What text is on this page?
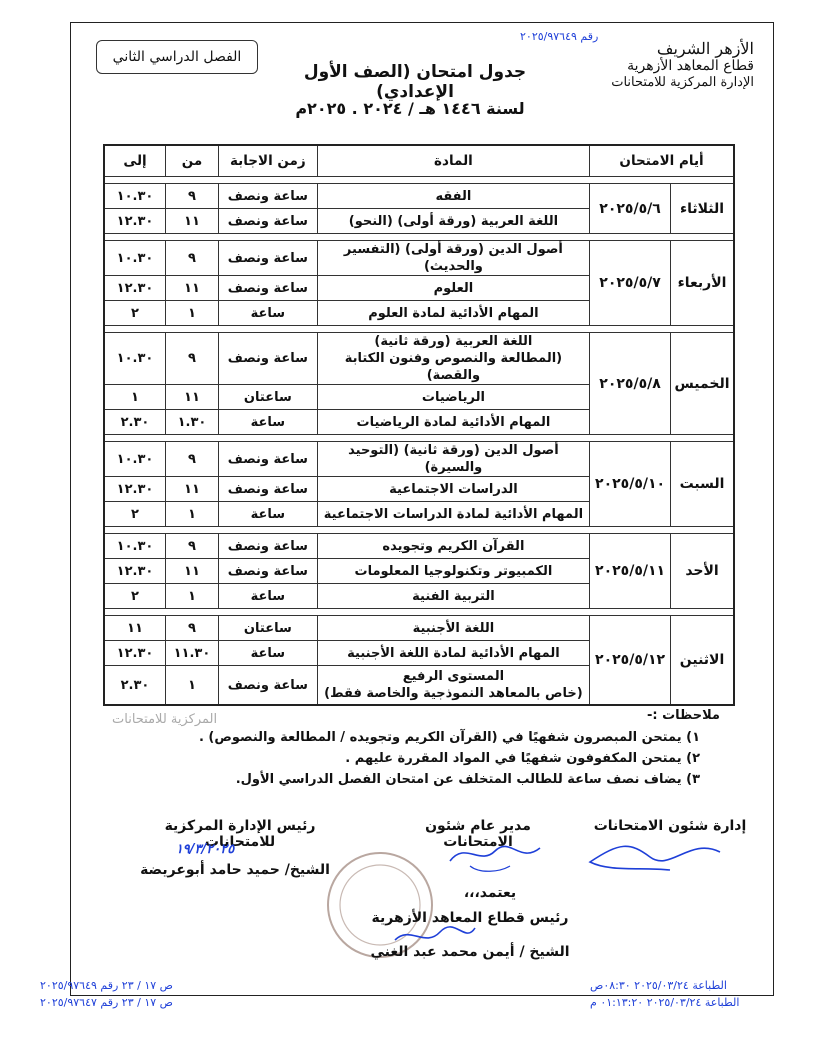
رقم ٢٠٢٥/٩٧٦٤٩
الأزهر الشريف
قطاع المعاهد الأزهرية
الإدارة المركزية للامتحانات
الفصل الدراسي الثاني
جدول امتحان (الصف الأول الإعدادي)
لسنة ١٤٤٦ هـ / ٢٠٢٤ . ٢٠٢٥م
أيام الامتحان		المادة	زمن الاجابة	من	إلى

الثلاثاء	٢٠٢٥/٥/٦	الفقه	ساعة ونصف	٩	١٠.٣٠

		اللغة العربية (ورقة أولى) (النحو)	ساعة ونصف	١١	١٢.٣٠

الأربعاء	٢٠٢٥/٥/٧	أصول الدين (ورقة أولى) (التفسير والحديث)	ساعة ونصف	٩	١٠.٣٠

		العلوم	ساعة ونصف	١١	١٢.٣٠

		المهام الأدائية لمادة العلوم	ساعة	١	٢

الخميس	٢٠٢٥/٥/٨	اللغة العربية (ورقة ثانية)
(المطالعة والنصوص وفنون الكتابة والقصة)	ساعة ونصف	٩	١٠.٣٠

		الرياضيات	ساعتان	١١	١

		المهام الأدائية لمادة الرياضيات	ساعة	١.٣٠	٢.٣٠

السبت	٢٠٢٥/٥/١٠	أصول الدين (ورقة ثانية) (التوحيد والسيرة)	ساعة ونصف	٩	١٠.٣٠

		الدراسات الاجتماعية	ساعة ونصف	١١	١٢.٣٠

		المهام الأدائية لمادة الدراسات الاجتماعية	ساعة	١	٢

الأحد	٢٠٢٥/٥/١١	القرآن الكريم وتجويده	ساعة ونصف	٩	١٠.٣٠

		الكمبيوتر وتكنولوجيا المعلومات	ساعة ونصف	١١	١٢.٣٠

		التربية الفنية	ساعة	١	٢

الاثنين	٢٠٢٥/٥/١٢	اللغة الأجنبية	ساعتان	٩	١١

		المهام الأدائية لمادة اللغة الأجنبية	ساعة	١١.٣٠	١٢.٣٠

		المستوى الرفيع
(خاص بالمعاهد النموذجية والخاصة فقط)	ساعة ونصف	١	٢.٣٠
المركزية للامتحانات	ملاحظات :-
١) يمتحن المبصرون شفهيًا في (القرآن الكريم وتجويده / المطالعة والنصوص) .
٢) يمتحن المكفوفون شفهيًا في المواد المقررة عليهم .
٣) يضاف نصف ساعة للطالب المتخلف عن امتحان الفصل الدراسي الأول.
رئيس الإدارة المركزية للامتحانات
١٩/٣/٢٠٢٥
الشيخ/ حميد حامد أبوعريضة
مدير عام شئون الامتحانات
إدارة شئون الامتحانات
يعتمد،،،
رئيس قطاع المعاهد الأزهرية
الشيخ / أيمن محمد عبد الغني
ص ١٧ / ٢٣ رقم ٢٠٢٥/٩٧٦٤٩
ص ١٧ / ٢٣ رقم ٢٠٢٥/٩٧٦٤٧
الطباعة ٢٠٢٥/٠٣/٢٤ ٠٨:٣٠ص
الطباعة ٢٠٢٥/٠٣/٢٤ ٠١:١٣:٢٠ م
